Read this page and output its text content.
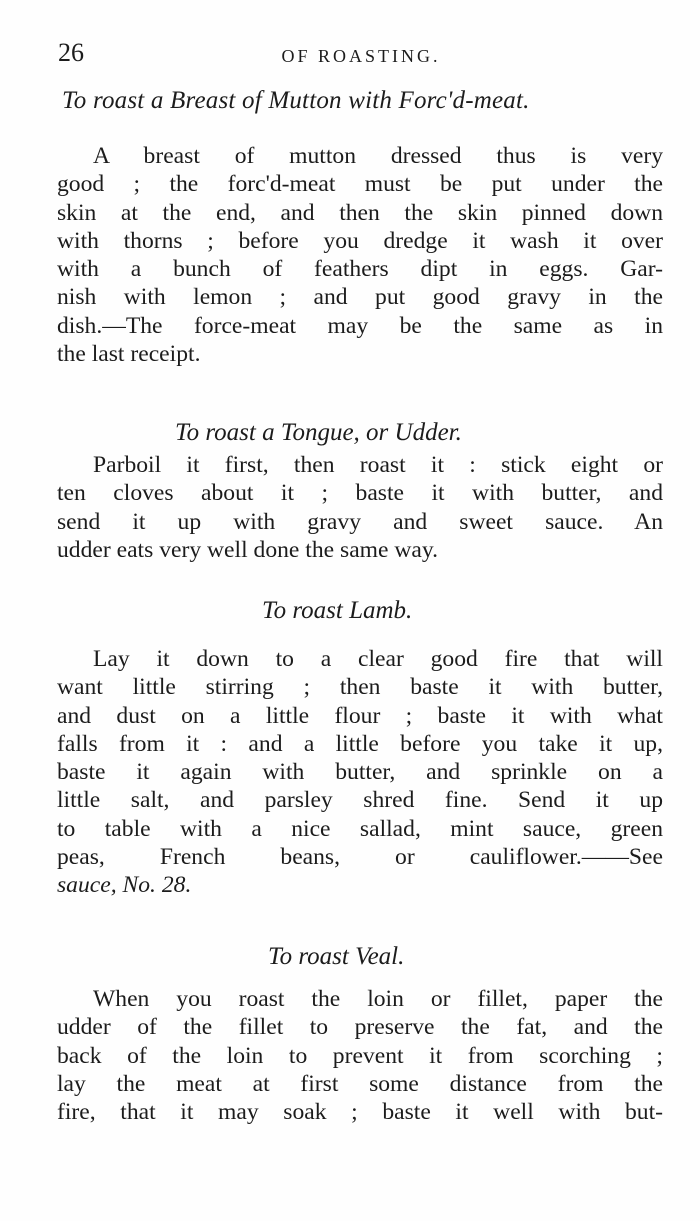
26	OF ROASTING.
To roast a Breast of Mutton with Forc'd-meat.
A breast of mutton dressed thus is very
good ; the forc'd-meat must be put under the
skin at the end, and then the skin pinned down
with thorns ; before you dredge it wash it over
with a bunch of feathers dipt in eggs. Gar-
nish with lemon ; and put good gravy in the
dish.—The force-meat may be the same as in
the last receipt.
To roast a Tongue, or Udder.
Parboil it first, then roast it : stick eight or
ten cloves about it ; baste it with butter, and
send it up with gravy and sweet sauce. An
udder eats very well done the same way.
To roast Lamb.
Lay it down to a clear good fire that will
want little stirring ; then baste it with butter,
and dust on a little flour ; baste it with what
falls from it : and a little before you take it up,
baste it again with butter, and sprinkle on a
little salt, and parsley shred fine. Send it up
to table with a nice sallad, mint sauce, green
peas, French beans, or cauliflower.——See
sauce, No. 28.
To roast Veal.
When you roast the loin or fillet, paper the
udder of the fillet to preserve the fat, and the
back of the loin to prevent it from scorching ;
lay the meat at first some distance from the
fire, that it may soak ; baste it well with but-
